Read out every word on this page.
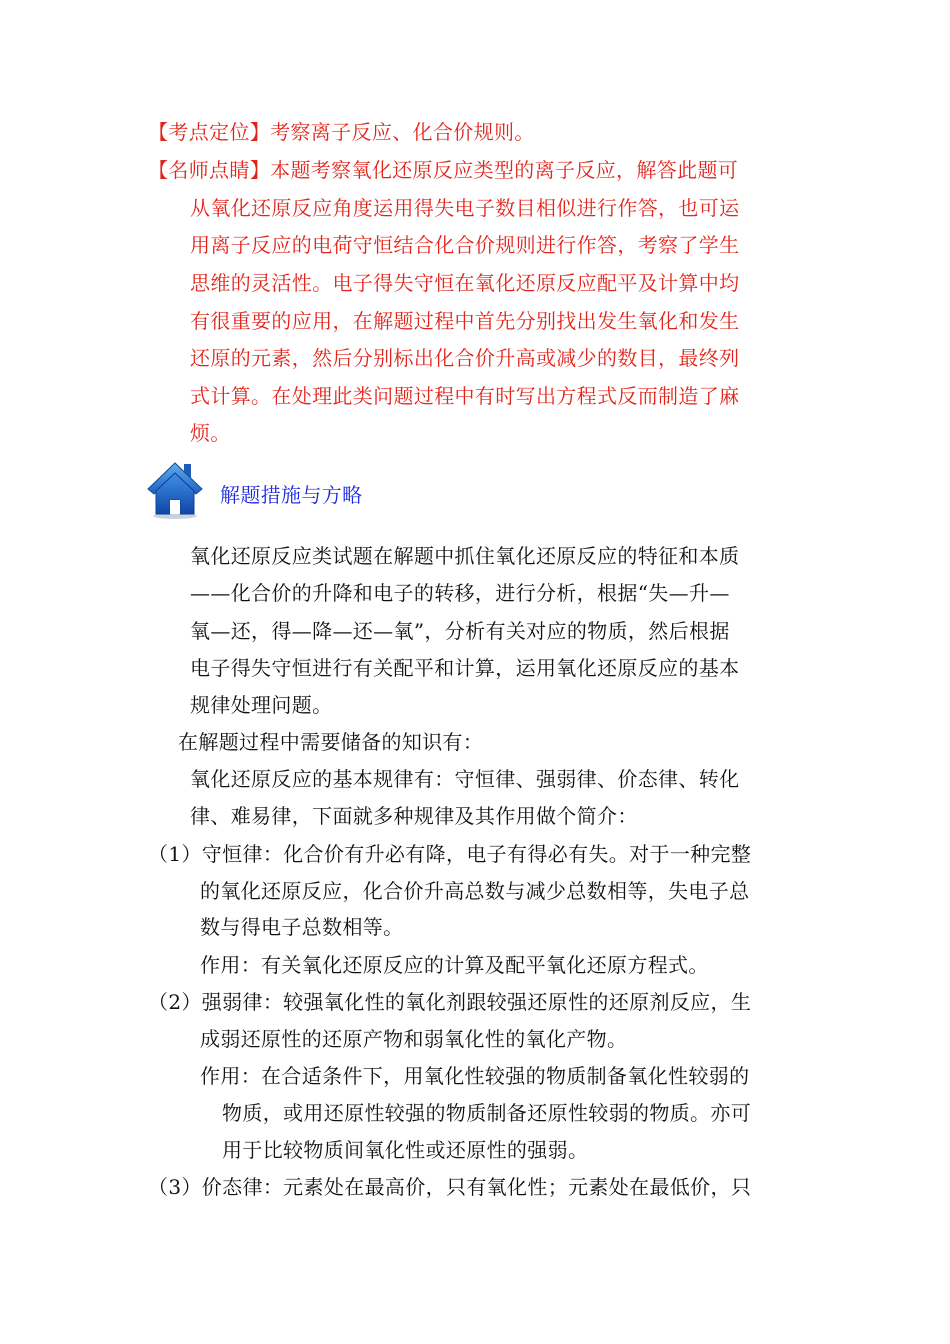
【考点定位】考察离子反应、化合价规则。
【名师点睛】本题考察氧化还原反应类型的离子反应，解答此题可
从氧化还原反应角度运用得失电子数目相似进行作答，也可运
用离子反应的电荷守恒结合化合价规则进行作答，考察了学生
思维的灵活性。电子得失守恒在氧化还原反应配平及计算中均
有很重要的应用，在解题过程中首先分别找出发生氧化和发生
还原的元素，然后分别标出化合价升高或减少的数目，最终列
式计算。在处理此类问题过程中有时写出方程式反而制造了麻
烦。
解题措施与方略
氧化还原反应类试题在解题中抓住氧化还原反应的特征和本质
——化合价的升降和电子的转移，进行分析，根据“失—升—
氧—还，得—降—还—氧”，分析有关对应的物质，然后根据
电子得失守恒进行有关配平和计算，运用氧化还原反应的基本
规律处理问题。
在解题过程中需要储备的知识有：
氧化还原反应的基本规律有：守恒律、强弱律、价态律、转化
律、难易律，下面就多种规律及其作用做个简介：
（1）守恒律：化合价有升必有降，电子有得必有失。对于一种完整
的氧化还原反应，化合价升高总数与减少总数相等，失电子总
数与得电子总数相等。
作用：有关氧化还原反应的计算及配平氧化还原方程式。
（2）强弱律：较强氧化性的氧化剂跟较强还原性的还原剂反应，生
成弱还原性的还原产物和弱氧化性的氧化产物。
作用：在合适条件下，用氧化性较强的物质制备氧化性较弱的
物质，或用还原性较强的物质制备还原性较弱的物质。亦可
用于比较物质间氧化性或还原性的强弱。
（3）价态律：元素处在最高价，只有氧化性；元素处在最低价，只
